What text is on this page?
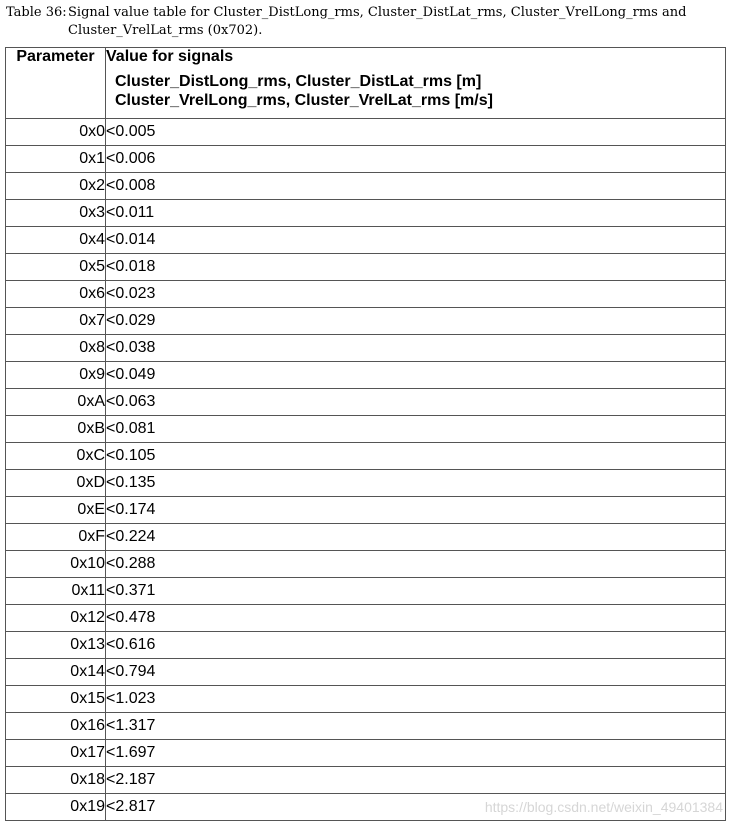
Table 36: Signal value table for Cluster_DistLong_rms, Cluster_DistLat_rms, Cluster_VrelLong_rms and
Cluster_VrelLat_rms (0x702).
Parameter	Value for signals
Cluster_DistLong_rms, Cluster_DistLat_rms [m]
Cluster_VrelLong_rms, Cluster_VrelLat_rms [m/s]

0x0	<0.005
0x1	<0.006
0x2	<0.008
0x3	<0.011
0x4	<0.014
0x5	<0.018
0x6	<0.023
0x7	<0.029
0x8	<0.038
0x9	<0.049
0xA	<0.063
0xB	<0.081
0xC	<0.105
0xD	<0.135
0xE	<0.174
0xF	<0.224
0x10	<0.288
0x11	<0.371
0x12	<0.478
0x13	<0.616
0x14	<0.794
0x15	<1.023
0x16	<1.317
0x17	<1.697
0x18	<2.187
0x19	<2.817	https://blog.csdn.net/weixin_49401384
